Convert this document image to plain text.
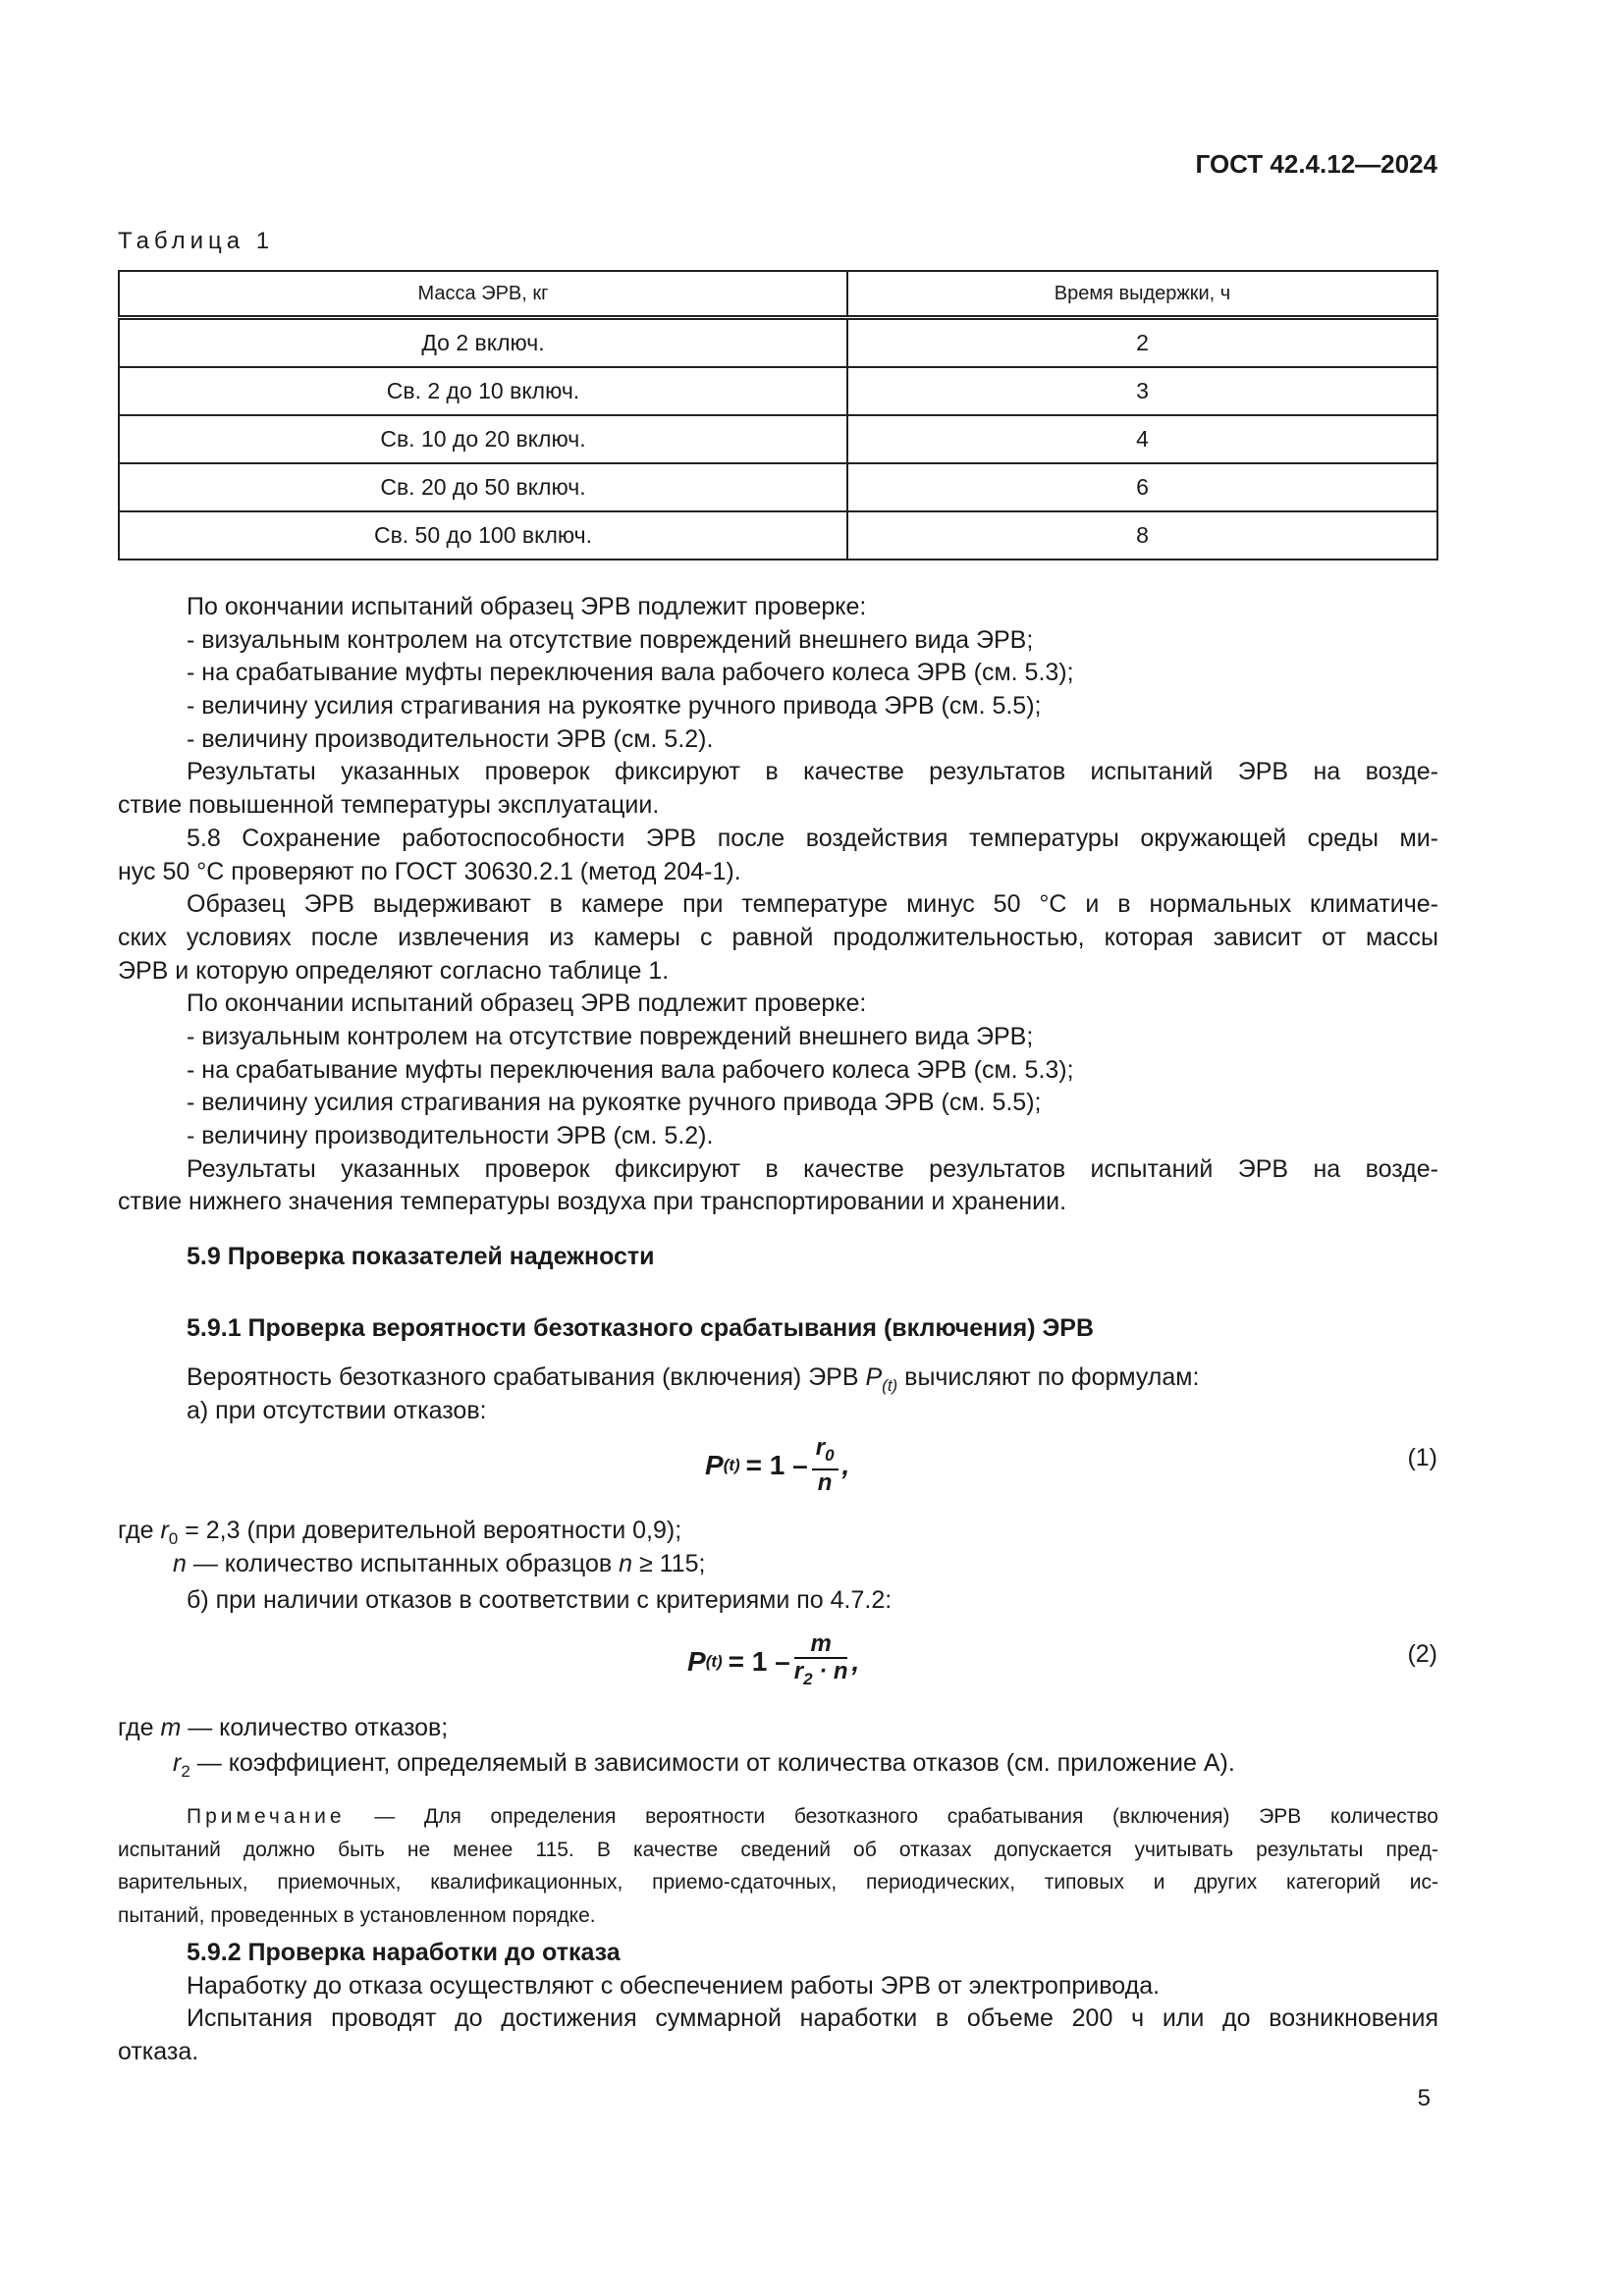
ГОСТ 42.4.12—2024
Таблица 1
Масса ЭРВ, кг	Время выдержки, ч
До 2 включ.	2
Св. 2 до 10 включ.	3
Св. 10 до 20 включ.	4
Св. 20 до 50 включ.	6
Св. 50 до 100 включ.	8
По окончании испытаний образец ЭРВ подлежит проверке:
- визуальным контролем на отсутствие повреждений внешнего вида ЭРВ;
- на срабатывание муфты переключения вала рабочего колеса ЭРВ (см. 5.3);
- величину усилия страгивания на рукоятке ручного привода ЭРВ (см. 5.5);
- величину производительности ЭРВ (см. 5.2).
Результаты указанных проверок фиксируют в качестве результатов испытаний ЭРВ на возде-
ствие повышенной температуры эксплуатации.
5.8 Сохранение работоспособности ЭРВ после воздействия температуры окружающей среды ми-
нус 50 °С проверяют по ГОСТ 30630.2.1 (метод 204-1).
Образец ЭРВ выдерживают в камере при температуре минус 50 °С и в нормальных климатиче-
ских условиях после извлечения из камеры с равной продолжительностью, которая зависит от массы
ЭРВ и которую определяют согласно таблице 1.
По окончании испытаний образец ЭРВ подлежит проверке:
- визуальным контролем на отсутствие повреждений внешнего вида ЭРВ;
- на срабатывание муфты переключения вала рабочего колеса ЭРВ (см. 5.3);
- величину усилия страгивания на рукоятке ручного привода ЭРВ (см. 5.5);
- величину производительности ЭРВ (см. 5.2).
Результаты указанных проверок фиксируют в качестве результатов испытаний ЭРВ на возде-
ствие нижнего значения температуры воздуха при транспортировании и хранении.
5.9 Проверка показателей надежности
5.9.1 Проверка вероятности безотказного срабатывания (включения) ЭРВ
Вероятность безотказного срабатывания (включения) ЭРВ $P_{(t)}$ вычисляют по формулам:
а) при отсутствии отказов:
P $(t) = 1 - \frac{r_0}{n}$ ,	(1)
где $r_0 = 2,3$ (при доверительной вероятности 0,9);
n — количество испытанных образцов n ≥ 115;
б) при наличии отказов в соответствии с критериями по 4.7.2:
P $(t) = 1 - \frac{m}{r_2 \cdot n}$ ,	(2)
где m — количество отказов;
$r_2$ — коэффициент, определяемый в зависимости от количества отказов (см. приложение А).
Примечание — Для определения вероятности безотказного срабатывания (включения) ЭРВ количество
испытаний должно быть не менее 115. В качестве сведений об отказах допускается учитывать результаты пред-
варительных, приемочных, квалификационных, приемо-сдаточных, периодических, типовых и других категорий ис-
пытаний, проведенных в установленном порядке.
5.9.2 Проверка наработки до отказа
Наработку до отказа осуществляют с обеспечением работы ЭРВ от электропривода.
Испытания проводят до достижения суммарной наработки в объеме 200 ч или до возникновения
отказа.
5
